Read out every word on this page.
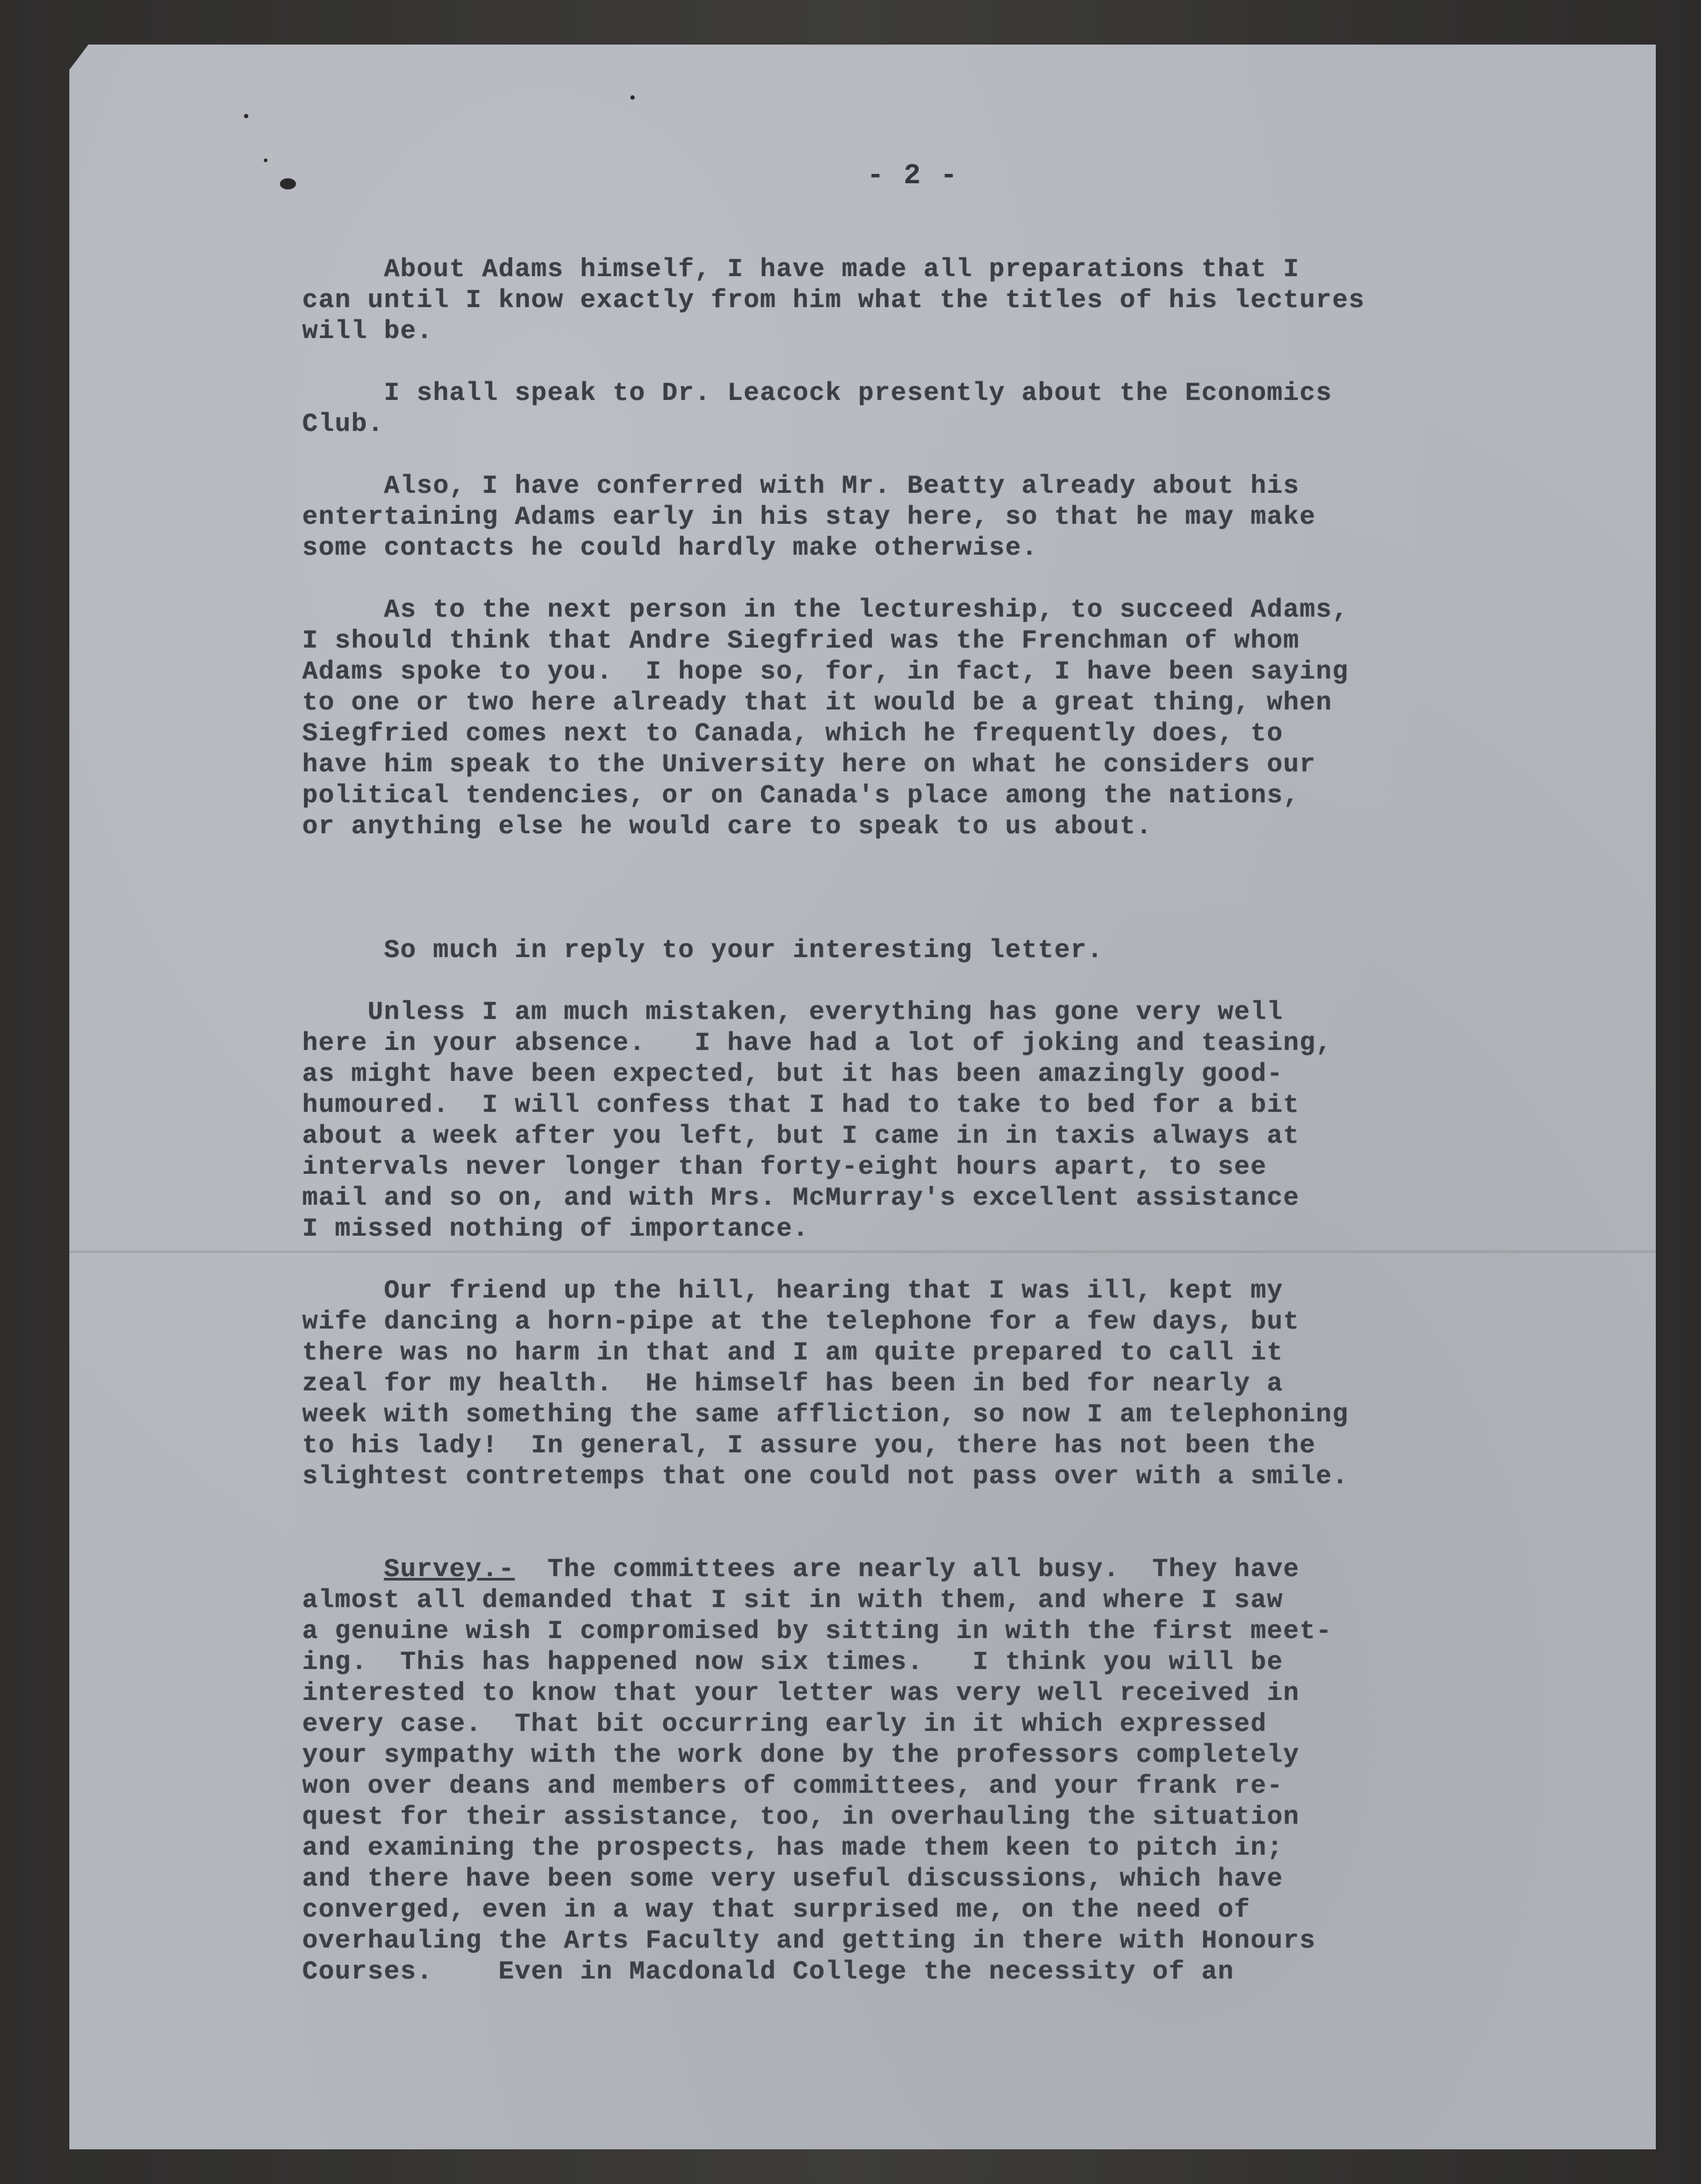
- 2 -

About Adams himself, I have made all preparations that I
can until I know exactly from him what the titles of his lectures
will be.

I shall speak to Dr. Leacock presently about the Economics
Club.

Also, I have conferred with Mr. Beatty already about his
entertaining Adams early in his stay here, so that he may make
some contacts he could hardly make otherwise.

As to the next person in the lectureship, to succeed Adams,
I should think that Andre Siegfried was the Frenchman of whom
Adams spoke to you.  I hope so, for, in fact, I have been saying
to one or two here already that it would be a great thing, when
Siegfried comes next to Canada, which he frequently does, to
have him speak to the University here on what he considers our
political tendencies, or on Canada's place among the nations,
or anything else he would care to speak to us about.

So much in reply to your interesting letter.

Unless I am much mistaken, everything has gone very well
here in your absence.   I have had a lot of joking and teasing,
as might have been expected, but it has been amazingly good-
humoured.  I will confess that I had to take to bed for a bit
about a week after you left, but I came in in taxis always at
intervals never longer than forty-eight hours apart, to see
mail and so on, and with Mrs. McMurray's excellent assistance
I missed nothing of importance.

Our friend up the hill, hearing that I was ill, kept my
wife dancing a horn-pipe at the telephone for a few days, but
there was no harm in that and I am quite prepared to call it
zeal for my health.  He himself has been in bed for nearly a
week with something the same affliction, so now I am telephoning
to his lady!  In general, I assure you, there has not been the
slightest contretemps that one could not pass over with a smile.

Survey.-  The committees are nearly all busy.  They have
almost all demanded that I sit in with them, and where I saw
a genuine wish I compromised by sitting in with the first meet-
ing.  This has happened now six times.   I think you will be
interested to know that your letter was very well received in
every case.  That bit occurring early in it which expressed
your sympathy with the work done by the professors completely
won over deans and members of committees, and your frank re-
quest for their assistance, too, in overhauling the situation
and examining the prospects, has made them keen to pitch in;
and there have been some very useful discussions, which have
converged, even in a way that surprised me, on the need of
overhauling the Arts Faculty and getting in there with Honours
Courses.    Even in Macdonald College the necessity of an
